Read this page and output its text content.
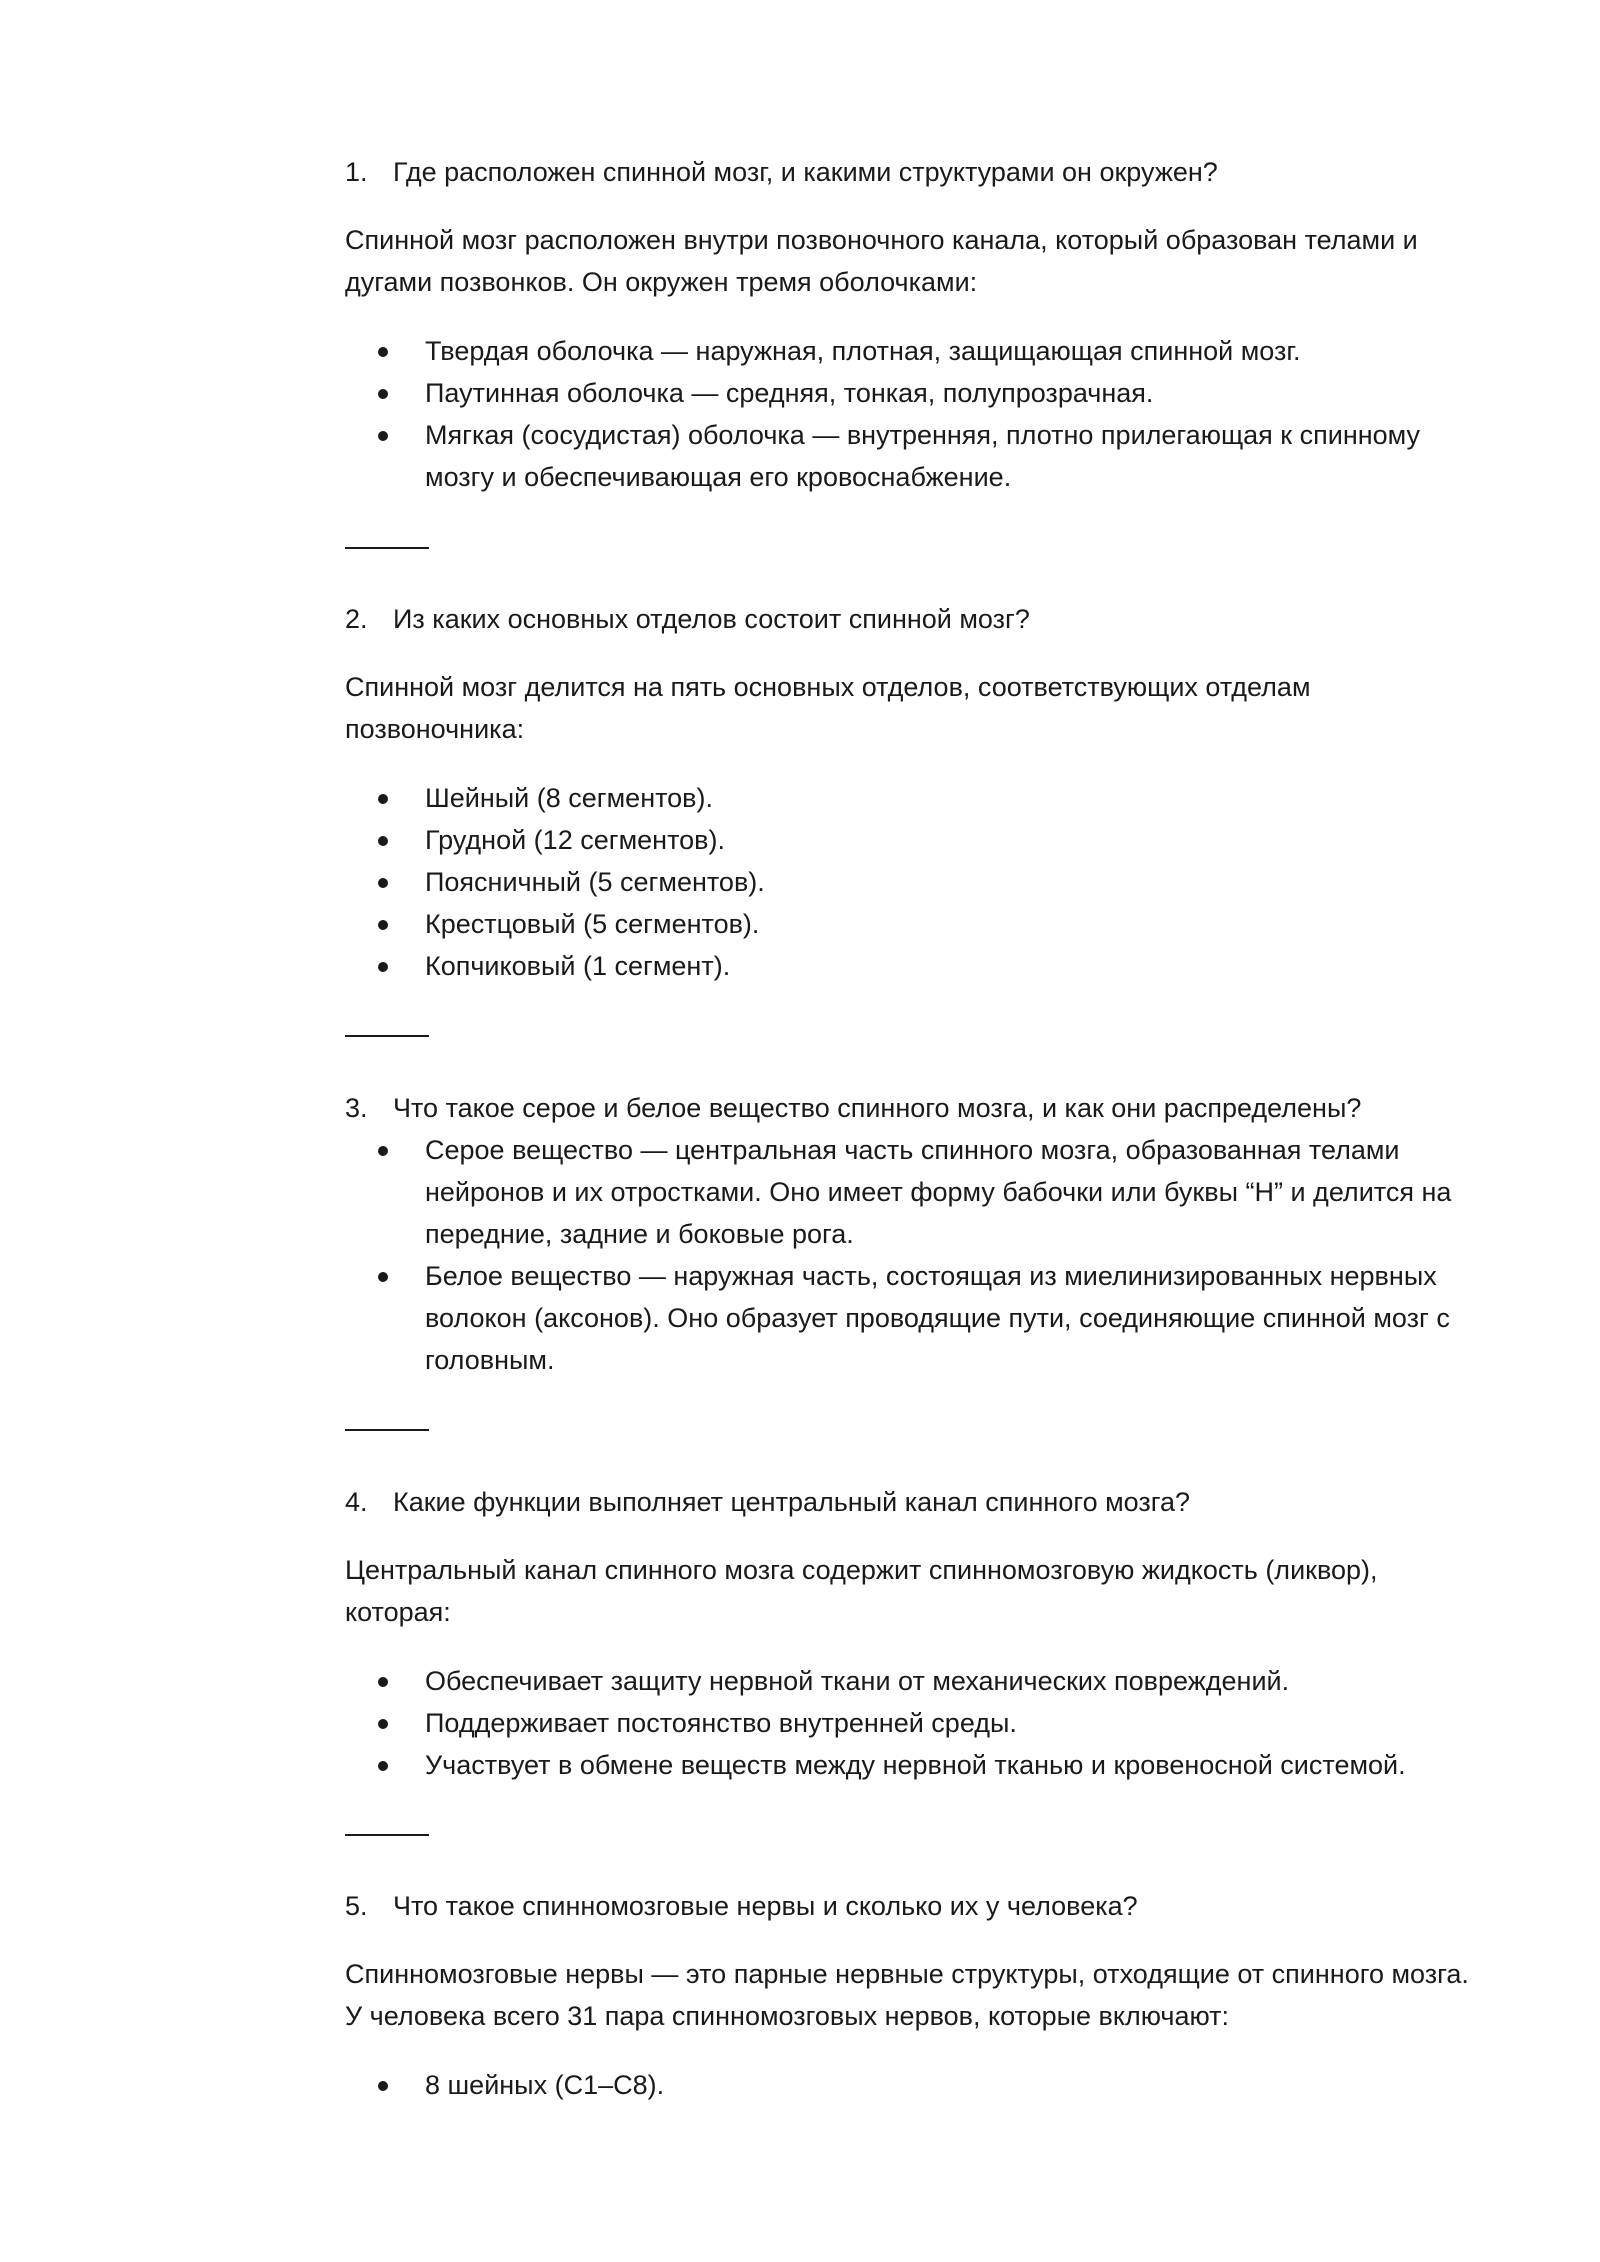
1. Где расположен спинной мозг, и какими структурами он окружен?
Спинной мозг расположен внутри позвоночного канала, который образован телами и
дугами позвонков. Он окружен тремя оболочками:
Твердая оболочка — наружная, плотная, защищающая спинной мозг.
Паутинная оболочка — средняя, тонкая, полупрозрачная.
Мягкая (сосудистая) оболочка — внутренняя, плотно прилегающая к спинному
мозгу и обеспечивающая его кровоснабжение.
2. Из каких основных отделов состоит спинной мозг?
Спинной мозг делится на пять основных отделов, соответствующих отделам
позвоночника:
Шейный (8 сегментов).
Грудной (12 сегментов).
Поясничный (5 сегментов).
Крестцовый (5 сегментов).
Копчиковый (1 сегмент).
3. Что такое серое и белое вещество спинного мозга, и как они распределены?
Серое вещество — центральная часть спинного мозга, образованная телами
нейронов и их отростками. Оно имеет форму бабочки или буквы “H” и делится на
передние, задние и боковые рога.
Белое вещество — наружная часть, состоящая из миелинизированных нервных
волокон (аксонов). Оно образует проводящие пути, соединяющие спинной мозг с
головным.
4. Какие функции выполняет центральный канал спинного мозга?
Центральный канал спинного мозга содержит спинномозговую жидкость (ликвор),
которая:
Обеспечивает защиту нервной ткани от механических повреждений.
Поддерживает постоянство внутренней среды.
Участвует в обмене веществ между нервной тканью и кровеносной системой.
5. Что такое спинномозговые нервы и сколько их у человека?
Спинномозговые нервы — это парные нервные структуры, отходящие от спинного мозга.
У человека всего 31 пара спинномозговых нервов, которые включают:
8 шейных (C1–C8).
